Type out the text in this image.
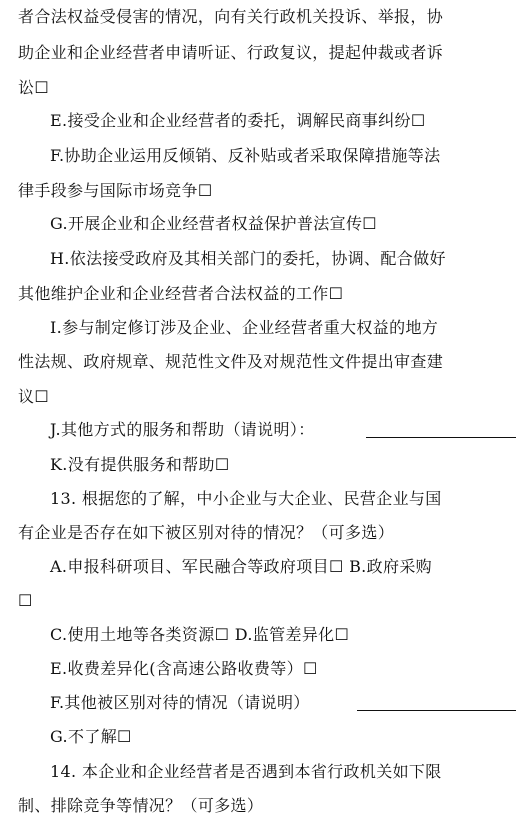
者合法权益受侵害的情况，向有关行政机关投诉、举报，协
助企业和企业经营者申请听证、行政复议，提起仲裁或者诉
讼☐
E.接受企业和企业经营者的委托，调解民商事纠纷☐
F.协助企业运用反倾销、反补贴或者采取保障措施等法
律手段参与国际市场竞争☐
G.开展企业和企业经营者权益保护普法宣传☐
H.依法接受政府及其相关部门的委托，协调、配合做好
其他维护企业和企业经营者合法权益的工作☐
I.参与制定修订涉及企业、企业经营者重大权益的地方
性法规、政府规章、规范性文件及对规范性文件提出审查建
议☐
J.其他方式的服务和帮助（请说明）：
K.没有提供服务和帮助☐
13. 根据您的了解，中小企业与大企业、民营企业与国
有企业是否存在如下被区别对待的情况？（可多选）
A.申报科研项目、军民融合等政府项目☐ B.政府采购
☐
C.使用土地等各类资源☐ D.监管差异化☐
E.收费差异化(含高速公路收费等）☐
F.其他被区别对待的情况（请说明）
G.不了解☐
14. 本企业和企业经营者是否遇到本省行政机关如下限
制、排除竞争等情况？（可多选）
